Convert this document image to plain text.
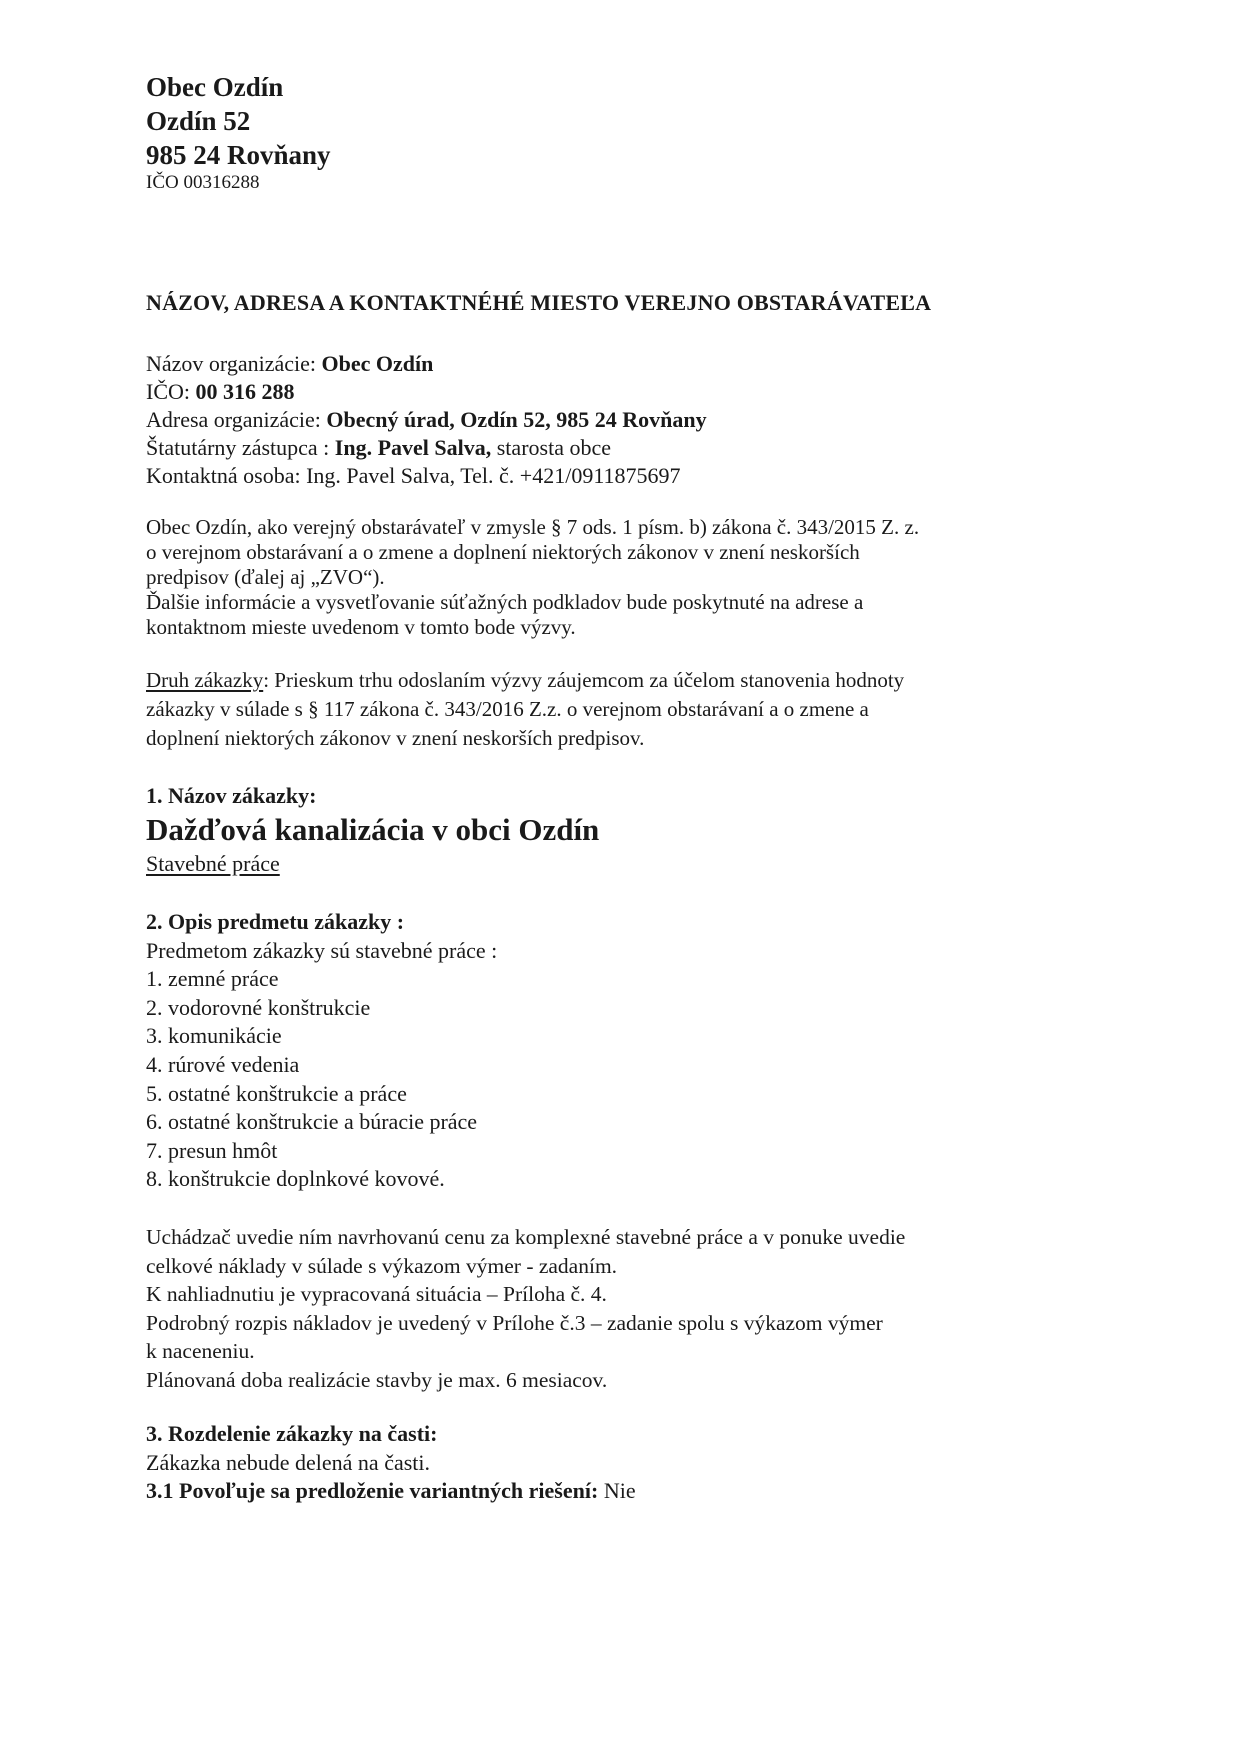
Obec Ozdín
Ozdín 52
985 24 Rovňany
IČO 00316288
NÁZOV, ADRESA A KONTAKTNÉHÉ MIESTO VEREJNO OBSTARÁVATEĽA
Názov organizácie: Obec Ozdín
IČO: 00 316 288
Adresa organizácie: Obecný úrad, Ozdín 52, 985 24 Rovňany
Štatutárny zástupca : Ing. Pavel Salva, starosta obce
Kontaktná osoba: Ing. Pavel Salva, Tel. č. +421/0911875697
Obec Ozdín, ako verejný obstarávateľ v zmysle § 7 ods. 1 písm. b) zákona č. 343/2015 Z. z.
o verejnom obstarávaní a o zmene a doplnení niektorých zákonov v znení neskorších
predpisov (ďalej aj „ZVO“).
Ďalšie informácie a vysvetľovanie súťažných podkladov bude poskytnuté na adrese a
kontaktnom mieste uvedenom v tomto bode výzvy.
Druh zákazky: Prieskum trhu odoslaním výzvy záujemcom za účelom stanovenia hodnoty
zákazky v súlade s § 117 zákona č. 343/2016 Z.z. o verejnom obstarávaní a o zmene a
doplnení niektorých zákonov v znení neskorších predpisov.
1. Názov zákazky:
Dažďová kanalizácia v obci Ozdín
Stavebné práce
2. Opis predmetu zákazky :
Predmetom zákazky sú stavebné práce :
1. zemné práce
2. vodorovné konštrukcie
3. komunikácie
4. rúrové vedenia
5. ostatné konštrukcie a práce
6. ostatné konštrukcie a búracie práce
7. presun hmôt
8. konštrukcie doplnkové kovové.
Uchádzač uvedie ním navrhovanú cenu za komplexné stavebné práce a v ponuke uvedie
celkové náklady v súlade s výkazom výmer - zadaním.
K nahliadnutiu je vypracovaná situácia – Príloha č. 4.
Podrobný rozpis nákladov je uvedený v Prílohe č.3 – zadanie spolu s výkazom výmer
k naceneniu.
Plánovaná doba realizácie stavby je max. 6 mesiacov.
3. Rozdelenie zákazky na časti:
Zákazka nebude delená na časti.
3.1 Povoľuje sa predloženie variantných riešení: Nie
